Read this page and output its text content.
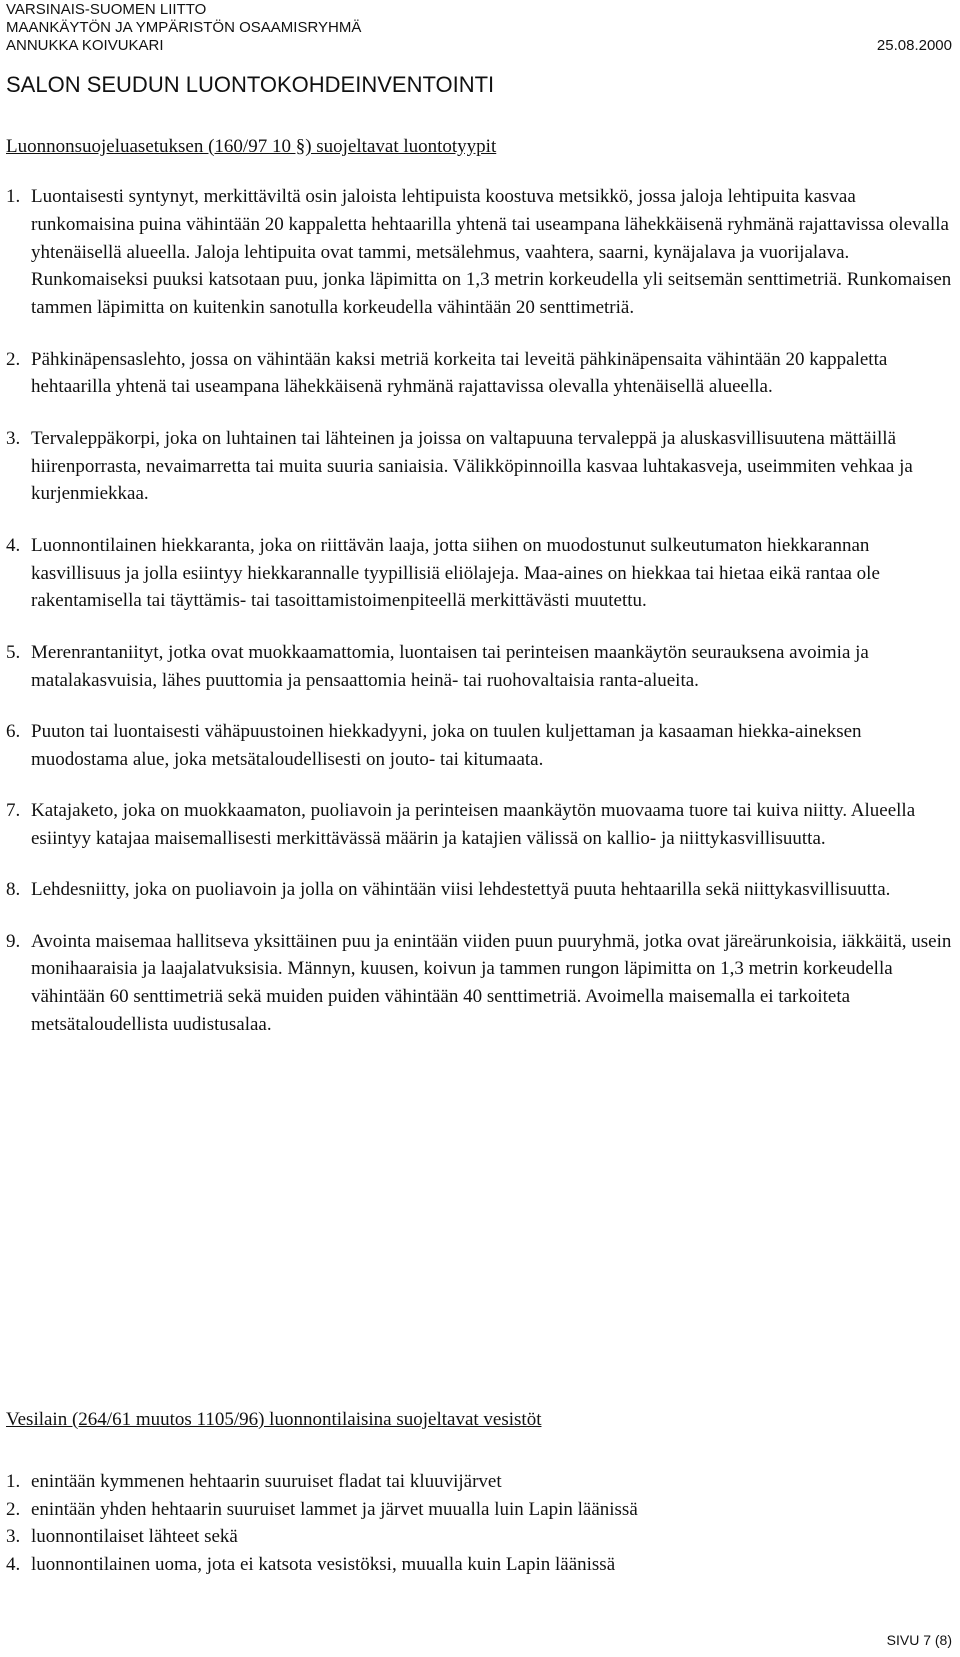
VARSINAIS-SUOMEN LIITTO
MAANKÄYTÖN JA YMPÄRISTÖN OSAAMISRYHMÄ
ANNUKKA KOIVUKARI	25.08.2000
SALON SEUDUN LUONTOKOHDEINVENTOINTI
Luonnonsuojeluasetuksen (160/97 10 §) suojeltavat luontotyypit
1. Luontaisesti syntynyt, merkittäviltä osin jaloista lehtipuista koostuva metsikkö, jossa jaloja lehtipuita kasvaa runkomaisina puina vähintään 20 kappaletta hehtaarilla yhtenä tai useampana lähekkäisenä ryhmänä rajattavissa olevalla yhtenäisellä alueella. Jaloja lehtipuita ovat tammi, metsälehmus, vaahtera, saarni, kynäjalava ja vuorijalava. Runkomaiseksi puuksi katsotaan puu, jonka läpimitta on 1,3 metrin korkeudella yli seitsemän senttimetriä. Runkomaisen tammen läpimitta on kuitenkin sanotulla korkeudella vähintään 20 senttimetriä.
2. Pähkinäpensaslehto, jossa on vähintään kaksi metriä korkeita tai leveitä pähkinäpensaita vähintään 20 kappaletta hehtaarilla yhtenä tai useampana lähekkäisenä ryhmänä rajattavissa olevalla yhtenäisellä alueella.
3. Tervaleppäkorpi, joka on luhtainen tai lähteinen ja joissa on valtapuuna tervaleppä ja aluskasvillisuutena mättäillä hiirenporrasta, nevaimarretta tai muita suuria saniaisia. Välikköpinnoilla kasvaa luhtakasveja, useimmiten vehkaa ja kurjenmiekkaa.
4. Luonnontilainen hiekkaranta, joka on riittävän laaja, jotta siihen on muodostunut sulkeutumaton hiekkarannan kasvillisuus ja jolla esiintyy hiekkarannalle tyypillisiä eliölajeja. Maa-aines on hiekkaa tai hietaa eikä rantaa ole rakentamisella tai täyttämis- tai tasoittamistoimenpiteellä merkittävästi muutettu.
5. Merenrantaniityt, jotka ovat muokkaamattomia, luontaisen tai perinteisen maankäytön seurauksena avoimia ja matalakasvuisia, lähes puuttomia ja pensaattomia heinä- tai ruohovaltaisia ranta-alueita.
6. Puuton tai luontaisesti vähäpuustoinen hiekkadyyni, joka on tuulen kuljettaman ja kasaaman hiekka-aineksen muodostama alue, joka metsätaloudellisesti on jouto- tai kitumaata.
7. Katajaketo, joka on muokkaamaton, puoliavoin ja perinteisen maankäytön muovaama tuore tai kuiva niitty. Alueella esiintyy katajaa maisemallisesti merkittävässä määrin ja katajien välissä on kallio- ja niittykasvillisuutta.
8. Lehdesniitty, joka on puoliavoin ja jolla on vähintään viisi lehdestettyä puuta hehtaarilla sekä niittykasvillisuutta.
9. Avointa maisemaa hallitseva yksittäinen puu ja enintään viiden puun puuryhmä, jotka ovat järeärunkoisia, iäkkäitä, usein monihaaraisia ja laajalatvuksisia. Männyn, kuusen, koivun ja tammen rungon läpimitta on 1,3 metrin korkeudella vähintään 60 senttimetriä sekä muiden puiden vähintään 40 senttimetriä. Avoimella maisemalla ei tarkoiteta metsätaloudellista uudistusalaa.
Vesilain (264/61 muutos 1105/96) luonnontilaisina suojeltavat vesistöt
1. enintään kymmenen hehtaarin suuruiset fladat tai kluuvijärvet
2. enintään yhden hehtaarin suuruiset lammet ja järvet muualla luin Lapin läänissä
3. luonnontilaiset lähteet sekä
4. luonnontilainen uoma, jota ei katsota vesistöksi, muualla kuin Lapin läänissä
SIVU 7 (8)
